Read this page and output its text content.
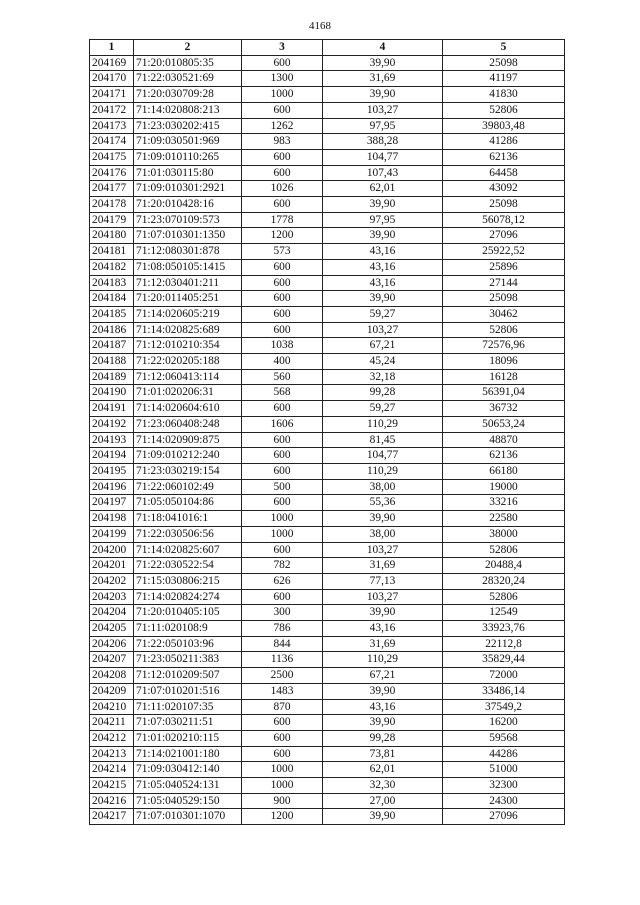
4168
1	2	3	4	5
204169	71:20:010805:35	600	39,90	25098
204170	71:22:030521:69	1300	31,69	41197
204171	71:20:030709:28	1000	39,90	41830
204172	71:14:020808:213	600	103,27	52806
204173	71:23:030202:415	1262	97,95	39803,48
204174	71:09:030501:969	983	388,28	41286
204175	71:09:010110:265	600	104,77	62136
204176	71:01:030115:80	600	107,43	64458
204177	71:09:010301:2921	1026	62,01	43092
204178	71:20:010428:16	600	39,90	25098
204179	71:23:070109:573	1778	97,95	56078,12
204180	71:07:010301:1350	1200	39,90	27096
204181	71:12:080301:878	573	43,16	25922,52
204182	71:08:050105:1415	600	43,16	25896
204183	71:12:030401:211	600	43,16	27144
204184	71:20:011405:251	600	39,90	25098
204185	71:14:020605:219	600	59,27	30462
204186	71:14:020825:689	600	103,27	52806
204187	71:12:010210:354	1038	67,21	72576,96
204188	71:22:020205:188	400	45,24	18096
204189	71:12:060413:114	560	32,18	16128
204190	71:01:020206:31	568	99,28	56391,04
204191	71:14:020604:610	600	59,27	36732
204192	71:23:060408:248	1606	110,29	50653,24
204193	71:14:020909:875	600	81,45	48870
204194	71:09:010212:240	600	104,77	62136
204195	71:23:030219:154	600	110,29	66180
204196	71:22:060102:49	500	38,00	19000
204197	71:05:050104:86	600	55,36	33216
204198	71:18:041016:1	1000	39,90	22580
204199	71:22:030506:56	1000	38,00	38000
204200	71:14:020825:607	600	103,27	52806
204201	71:22:030522:54	782	31,69	20488,4
204202	71:15:030806:215	626	77,13	28320,24
204203	71:14:020824:274	600	103,27	52806
204204	71:20:010405:105	300	39,90	12549
204205	71:11:020108:9	786	43,16	33923,76
204206	71:22:050103:96	844	31,69	22112,8
204207	71:23:050211:383	1136	110,29	35829,44
204208	71:12:010209:507	2500	67,21	72000
204209	71:07:010201:516	1483	39,90	33486,14
204210	71:11:020107:35	870	43,16	37549,2
204211	71:07:030211:51	600	39,90	16200
204212	71:01:020210:115	600	99,28	59568
204213	71:14:021001:180	600	73,81	44286
204214	71:09:030412:140	1000	62,01	51000
204215	71:05:040524:131	1000	32,30	32300
204216	71:05:040529:150	900	27,00	24300
204217	71:07:010301:1070	1200	39,90	27096
